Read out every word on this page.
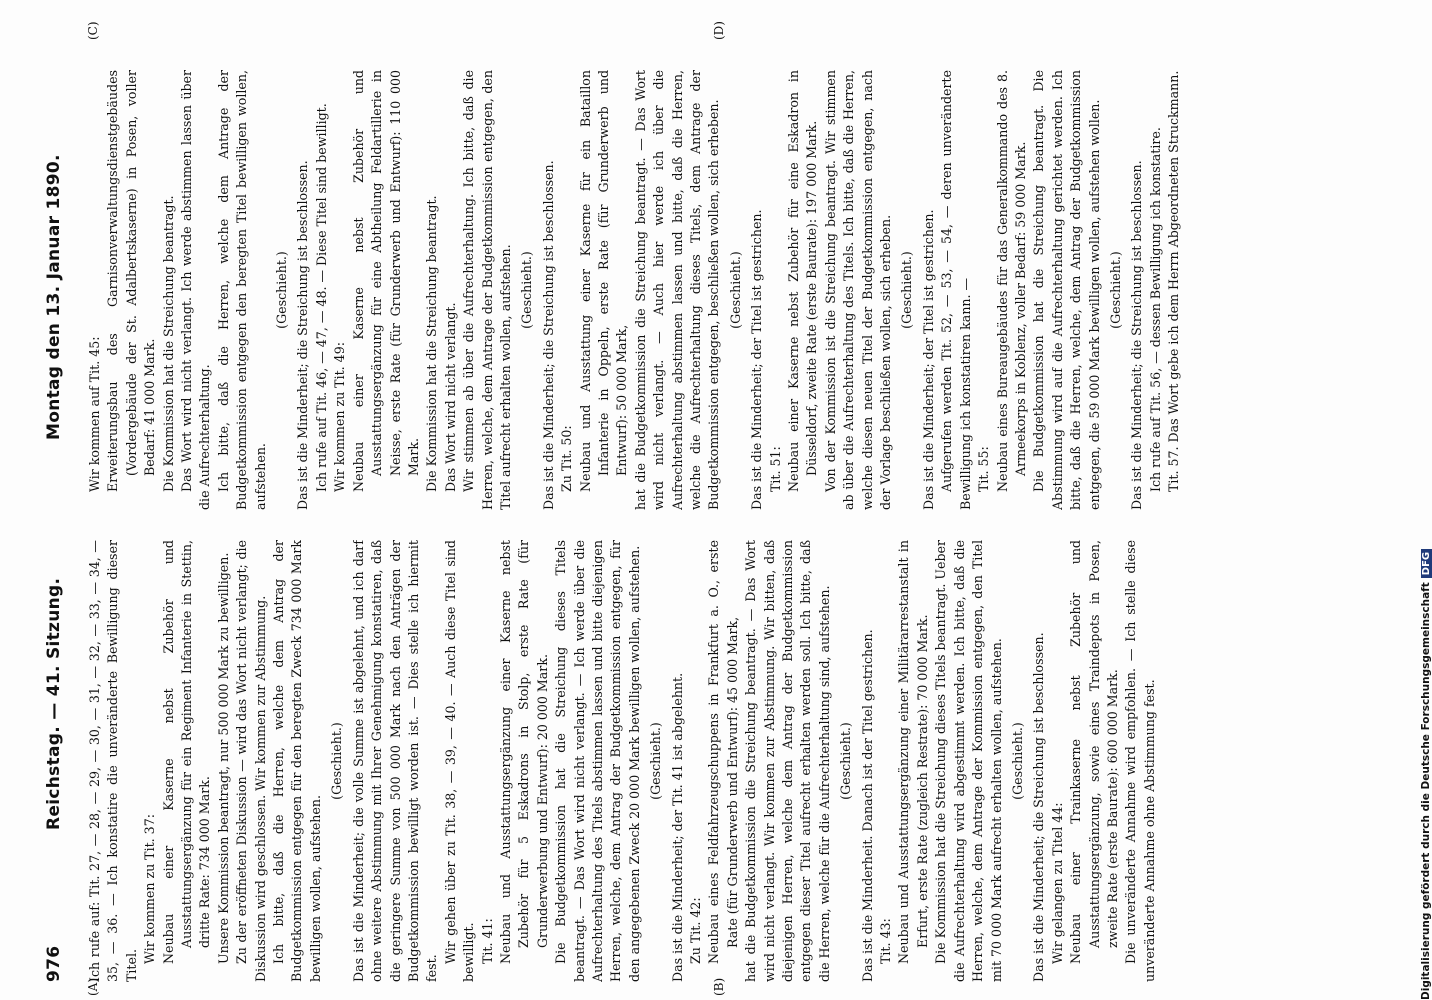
976
Reichstag. — 41. Sitzung.
Montag den 13. Januar 1890.
(A)	(B)
(C)	(D)

Ich rufe auf: Tit. 27, — 28, — 29, — 30, — 31, — 32, — 33, — 34, — 35, — 36. — Ich konstatire die unveränderte Bewilligung dieser Titel.

Wir kommen zu Tit. 37: Neubau einer Kaserne nebst Zubehör und Ausstattungsergänzung für ein Regiment Infanterie in Stettin, dritte Rate: 734 000 Mark. Unsere Kommission beantragt, nur 500 000 Mark zu bewilligen. Zu der eröffneten Diskussion — wird das Wort nicht verlangt; die Diskussion wird geschlossen. Wir kommen zur Abstimmung. Ich bitte, daß die Herren, welche dem Antrag der Budgetkommission entgegen für den beregten Zweck 734 000 Mark bewilligen wollen, aufstehen.

(Geschieht.) Das ist die Minderheit; die volle Summe ist abgelehnt, und ich darf ohne weitere Abstimmung mit Ihrer Genehmigung konstatiren, daß die geringere Summe von 500 000 Mark nach den Anträgen der Budgetkommission bewilligt worden ist. — Dies stelle ich hiermit fest.

Wir gehen über zu Tit. 38, — 39, — 40. — Auch diese Titel sind bewilligt. Tit. 41: Neubau und Ausstattungsergänzung einer Kaserne nebst Zubehör für 5 Eskadrons in Stolp, erste Rate (für Grunderwerbung und Entwurf): 20 000 Mark. Die Budgetkommission hat die Streichung dieses Titels beantragt. — Das Wort wird nicht verlangt. — Ich werde über die Aufrechterhaltung des Titels abstimmen lassen und bitte diejenigen Herren, welche, dem Antrag der Budgetkommission entgegen, für den angegebenen Zweck 20 000 Mark bewilligen wollen, aufstehen. (Geschieht.) Das ist die Minderheit; der Tit. 41 ist abgelehnt. Zu Tit. 42: Neubau eines Feldfahrzeugschuppens in Frankfurt a. O., erste Rate (für Grunderwerb und Entwurf): 45 000 Mark, hat die Budgetkommission die Streichung beantragt. — Das Wort wird nicht verlangt. Wir kommen zur Abstimmung. Wir bitten, daß diejenigen Herren, welche dem Antrag der Budgetkommission entgegen dieser Titel aufrecht erhalten werden soll. Ich bitte, daß die Herren, welche für die Aufrechterhaltung sind, aufstehen. (Geschieht.) Das ist die Minderheit. Danach ist der Titel gestrichen. Tit. 43: Neubau und Ausstattungsergänzung einer Militärarrestanstalt in Erfurt, erste Rate (zugleich Restrate): 70 000 Mark. Die Kommission hat die Streichung dieses Titels beantragt. Ueber die Aufrechterhaltung wird abgestimmt werden. Ich bitte, daß die Herren, welche, dem Antrage der Kommission entgegen, den Titel mit 70 000 Mark aufrecht erhalten wollen, aufstehen. (Geschieht.) Das ist die Minderheit; die Streichung ist beschlossen. Wir gelangen zu Titel 44: Neubau einer Trainkaserne nebst Zubehör und Ausstattungsergänzung, sowie eines Traindepots in Posen, zweite Rate (erste Baurate): 600 000 Mark. Die unveränderte Annahme wird empfohlen. — Ich stelle diese unveränderte Annahme ohne Abstimmung fest.

Wir kommen auf Tit. 45: Erweiterungsbau des Garnisonverwaltungsdienstgebäudes (Vordergebäude der St. Adalbertskaserne) in Posen, voller Bedarf: 41 000 Mark. Die Kommission hat die Streichung beantragt. Das Wort wird nicht verlangt. Ich werde abstimmen lassen über die Aufrechterhaltung. Ich bitte, daß die Herren, welche dem Antrage der Budgetkommission entgegen den beregten Titel bewilligen wollen, aufstehen.

(Geschieht.) Das ist die Minderheit; die Streichung ist beschlossen. Ich rufe auf Tit. 46, — 47, — 48. — Diese Titel sind bewilligt. Wir kommen zu Tit. 49: Neubau einer Kaserne nebst Zubehör und Ausstattungsergänzung für eine Abtheilung Feldartillerie in Neisse, erste Rate (für Grunderwerb und Entwurf): 110 000 Mark. Die Kommission hat die Streichung beantragt. Das Wort wird nicht verlangt. Wir stimmen ab über die Aufrechterhaltung. Ich bitte, daß die Herren, welche, dem Antrage der Budgetkommission entgegen, den Titel aufrecht erhalten wollen, aufstehen. (Geschieht.) Das ist die Minderheit; die Streichung ist beschlossen. Zu Tit. 50: Neubau und Ausstattung einer Kaserne für ein Bataillon Infanterie in Oppeln, erste Rate (für Grunderwerb und Entwurf): 50 000 Mark, hat die Budgetkommission die Streichung beantragt. — Das Wort wird nicht verlangt. — Auch hier werde ich über die Aufrechterhaltung abstimmen lassen und bitte, daß die Herren, welche die Aufrechterhaltung dieses Titels, dem Antrage der Budgetkommission entgegen, beschließen wollen, sich erheben. (Geschieht.) Das ist die Minderheit; der Titel ist gestrichen. Tit. 51: Neubau einer Kaserne nebst Zubehör für eine Eskadron in Düsseldorf, zweite Rate (erste Baurate): 197 000 Mark. Von der Kommission ist die Streichung beantragt. Wir stimmen ab über die Aufrechterhaltung des Titels. Ich bitte, daß die Herren, welche diesen neuen Titel der Budgetkommission entgegen, nach der Vorlage beschließen wollen, sich erheben. (Geschieht.) Das ist die Minderheit; der Titel ist gestrichen. Aufgerufen werden Tit. 52, — 53, — 54, — deren unveränderte Bewilligung ich konstatiren kann. — Tit. 55: Neubau eines Bureaugebäudes für das Generalkommando des 8. Armeekorps in Koblenz, voller Bedarf: 59 000 Mark. Die Budgetkommission hat die Streichung beantragt. Die Abstimmung wird auf die Aufrechterhaltung gerichtet werden. Ich bitte, daß die Herren, welche, dem Antrag der Budgetkommission entgegen, die 59 000 Mark bewilligen wollen, aufstehen wollen. (Geschieht.) Das ist die Minderheit; die Streichung ist beschlossen. Ich rufe auf Tit. 56, — dessen Bewilligung ich konstatire. Tit. 57. Das Wort gebe ich dem Herrn Abgeordneten Struckmann.

Digitalisierung gefördert durch die Deutsche ForschungsgemeinschaftDFG
